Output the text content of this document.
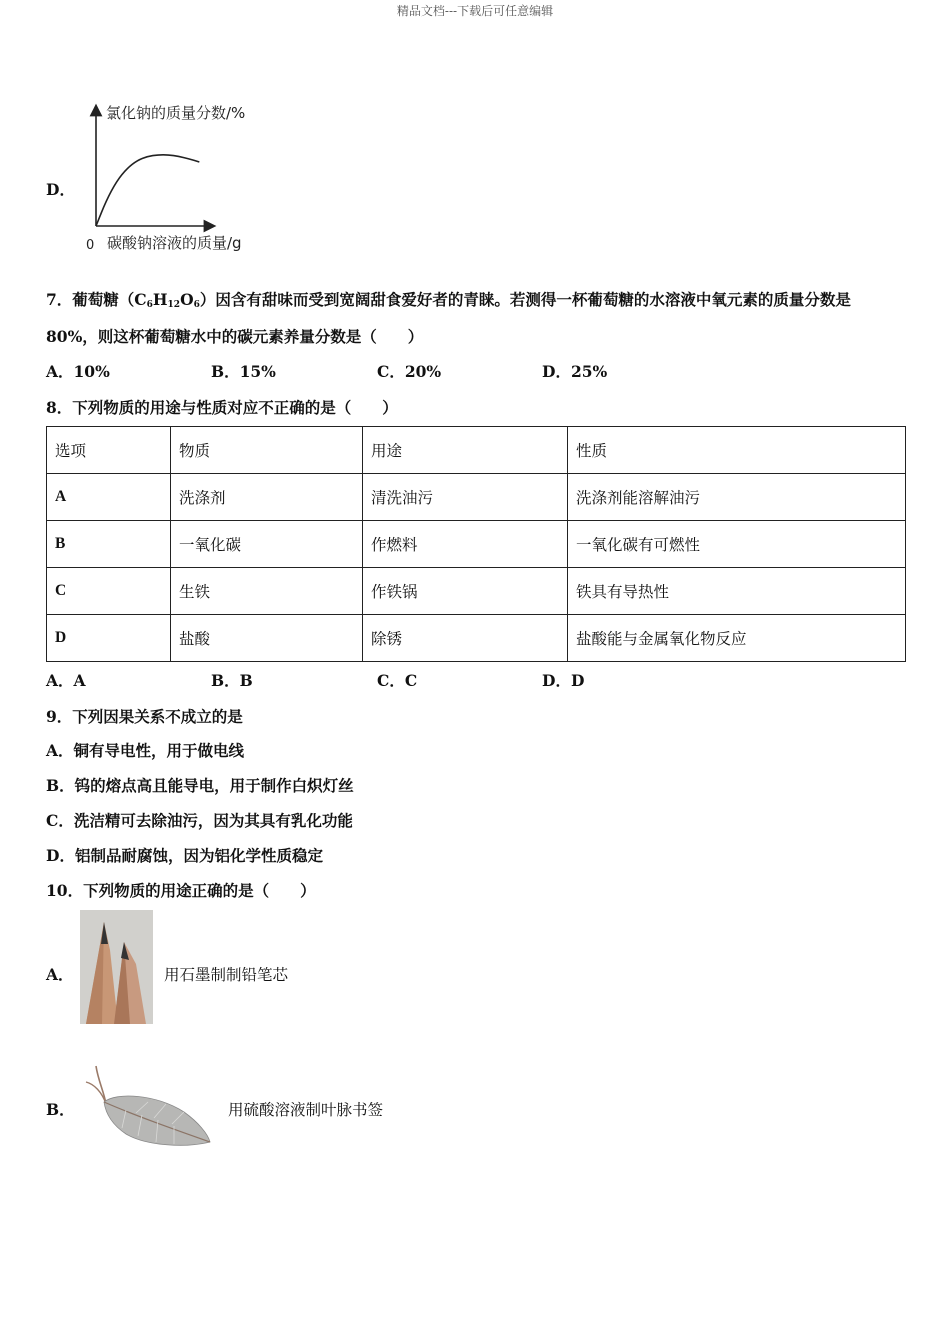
精品文档---下载后可任意编辑
D．
氯化钠的质量分数/%
碳酸钠溶液的质量/g
0
7．葡萄糖$(C_6H_{12}O_6)$因含有甜味而受到宽阔甜食爱好者的青睐。若测得一杯葡萄糖的水溶液中氧元素的质量分数是
80%，则这杯葡萄糖水中的碳元素养量分数是（　　）
A．10%	B．15%	C．20%	D．25%
8．下列物质的用途与性质对应不正确的是（　　）
选项	物质	用途	性质
A	洗涤剂	清洗油污	洗涤剂能溶解油污
B	一氧化碳	作燃料	一氧化碳有可燃性
C	生铁	作铁锅	铁具有导热性
D	盐酸	除锈	盐酸能与金属氧化物反应
A．A	B．B	C．C	D．D
9．下列因果关系不成立的是
A．铜有导电性，用于做电线
B．钨的熔点高且能导电，用于制作白炽灯丝
C．洗洁精可去除油污，因为其具有乳化功能
D．铝制品耐腐蚀，因为铝化学性质稳定
10．下列物质的用途正确的是（　　）
A．	用石墨制制铅笔芯
B．	用硫酸溶液制叶脉书签
